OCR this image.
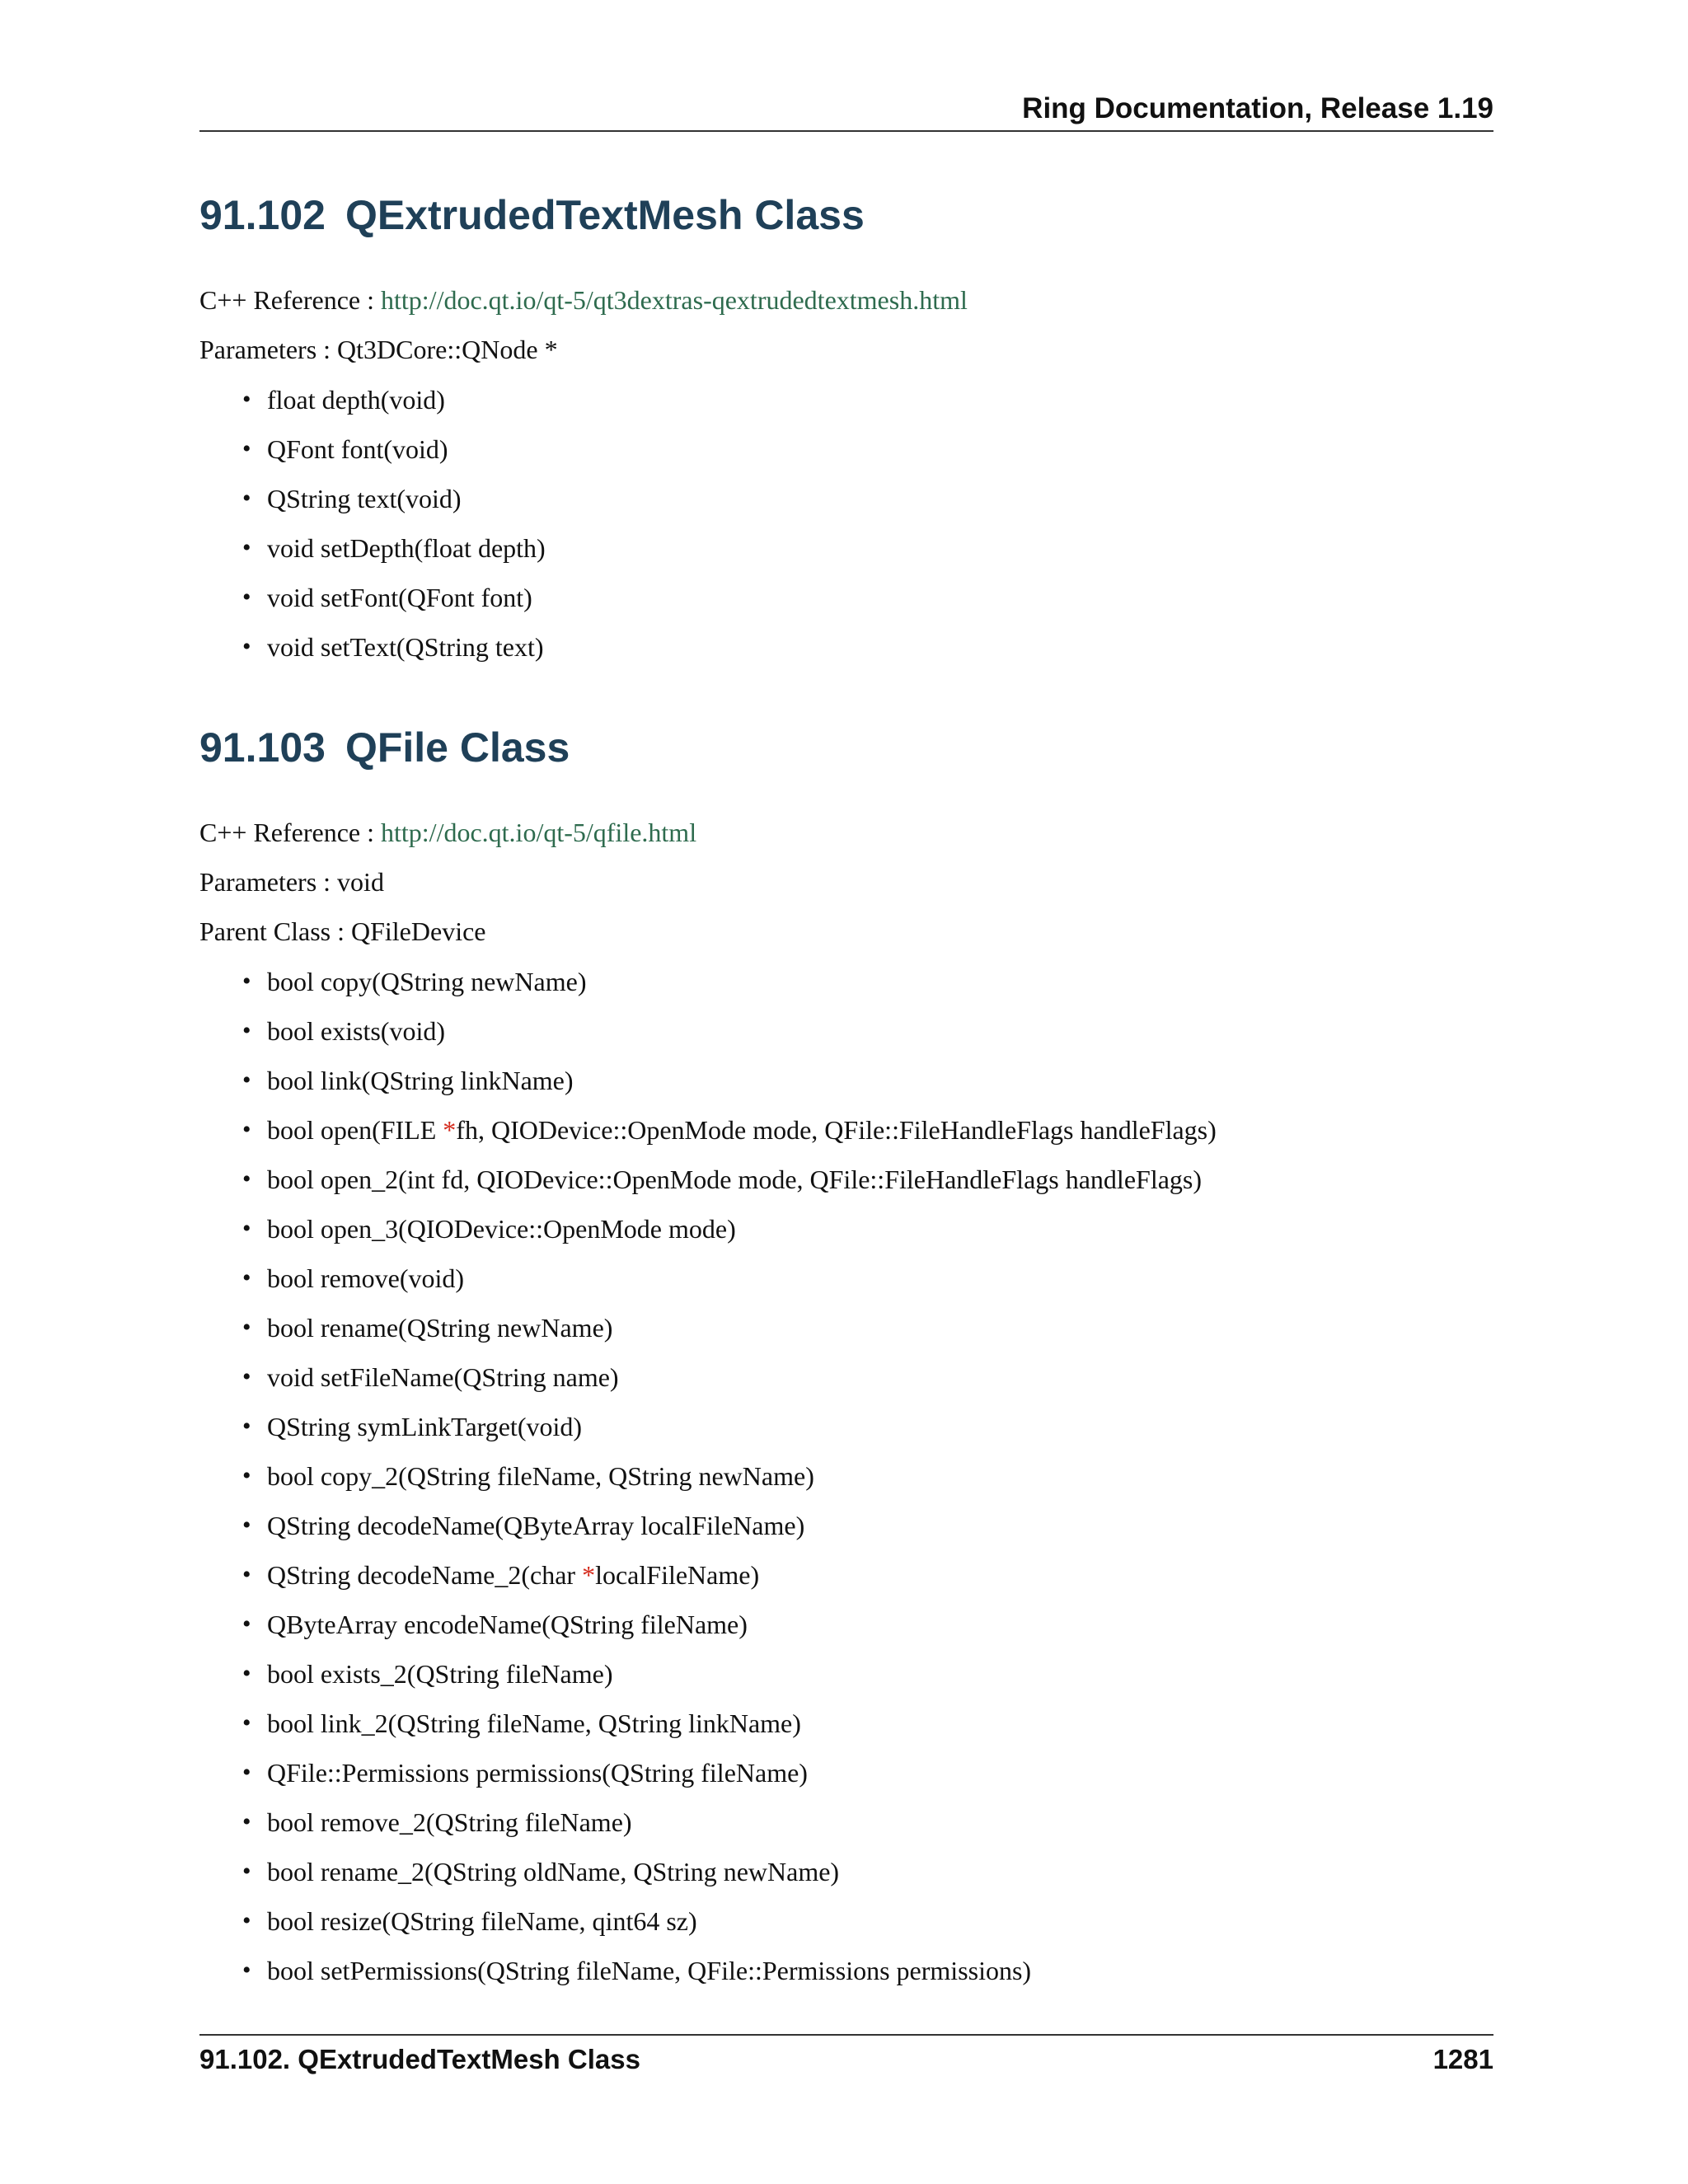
Ring Documentation, Release 1.19
91.102 QExtrudedTextMesh Class
C++ Reference : http://doc.qt.io/qt-5/qt3dextras-qextrudedtextmesh.html
Parameters : Qt3DCore::QNode *
• float depth(void)
• QFont font(void)
• QString text(void)
• void setDepth(float depth)
• void setFont(QFont font)
• void setText(QString text)
91.103 QFile Class
C++ Reference : http://doc.qt.io/qt-5/qfile.html
Parameters : void
Parent Class : QFileDevice
• bool copy(QString newName)
• bool exists(void)
• bool link(QString linkName)
• bool open(FILE *fh, QIODevice::OpenMode mode, QFile::FileHandleFlags handleFlags)
• bool open_2(int fd, QIODevice::OpenMode mode, QFile::FileHandleFlags handleFlags)
• bool open_3(QIODevice::OpenMode mode)
• bool remove(void)
• bool rename(QString newName)
• void setFileName(QString name)
• QString symLinkTarget(void)
• bool copy_2(QString fileName, QString newName)
• QString decodeName(QByteArray localFileName)
• QString decodeName_2(char *localFileName)
• QByteArray encodeName(QString fileName)
• bool exists_2(QString fileName)
• bool link_2(QString fileName, QString linkName)
• QFile::Permissions permissions(QString fileName)
• bool remove_2(QString fileName)
• bool rename_2(QString oldName, QString newName)
• bool resize(QString fileName, qint64 sz)
• bool setPermissions(QString fileName, QFile::Permissions permissions)
91.102. QExtrudedTextMesh Class	1281
